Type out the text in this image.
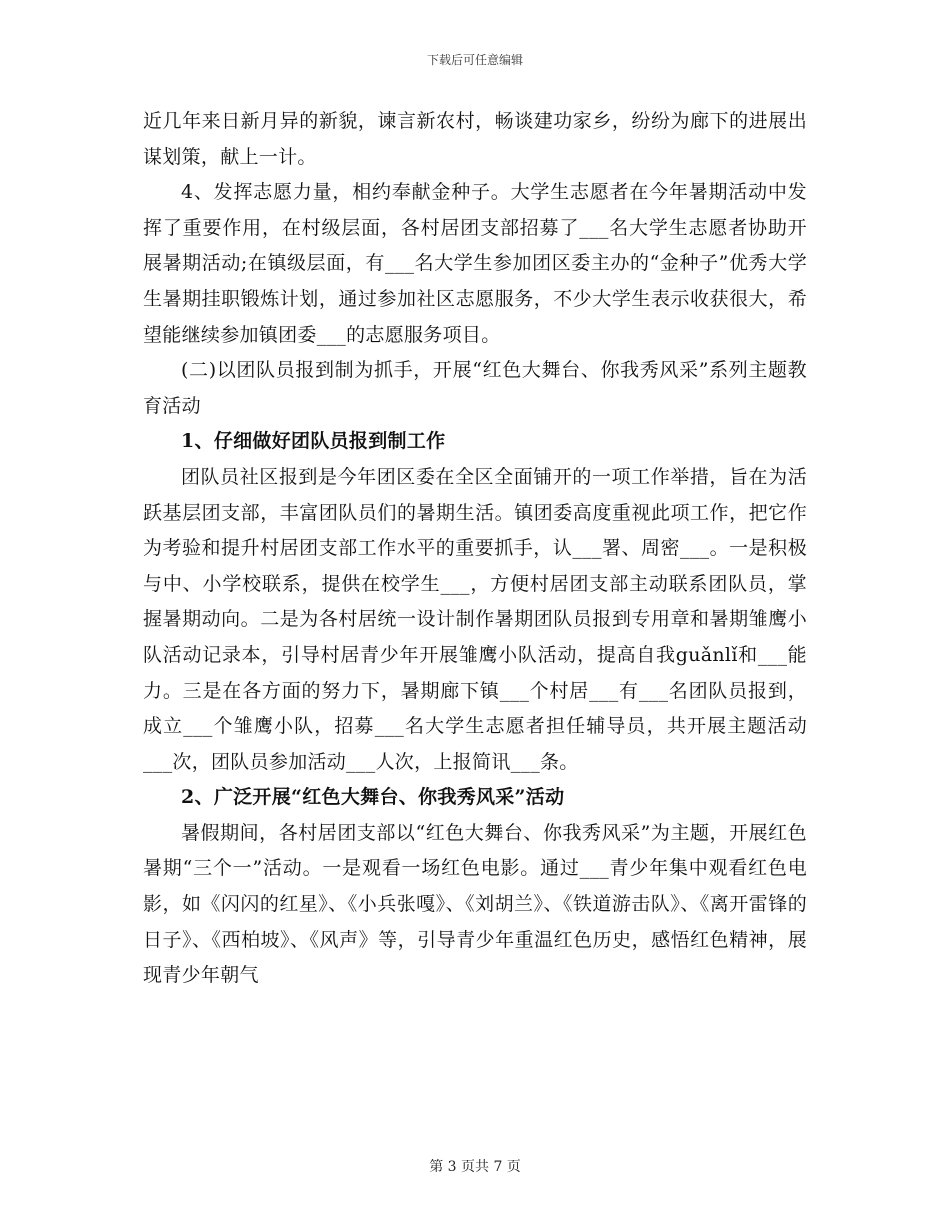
下载后可任意编辑

近几年来日新月异的新貌，谏言新农村，畅谈建功家乡，纷纷为廊下的进展出谋划策，献上一计。

4、发挥志愿力量，相约奉献金种子。大学生志愿者在今年暑期活动中发挥了重要作用，在村级层面，各村居团支部招募了___名大学生志愿者协助开展暑期活动;在镇级层面，有___名大学生参加团区委主办的“金种子”优秀大学生暑期挂职锻炼计划，通过参加社区志愿服务，不少大学生表示收获很大，希望能继续参加镇团委___的志愿服务项目。

(二)以团队员报到制为抓手，开展“红色大舞台、你我秀风采”系列主题教育活动

1、仔细做好团队员报到制工作

团队员社区报到是今年团区委在全区全面铺开的一项工作举措，旨在为活跃基层团支部，丰富团队员们的暑期生活。镇团委高度重视此项工作，把它作为考验和提升村居团支部工作水平的重要抓手，认___署、周密___。一是积极与中、小学校联系，提供在校学生___，方便村居团支部主动联系团队员，掌握暑期动向。二是为各村居统一设计制作暑期团队员报到专用章和暑期雏鹰小队活动记录本，引导村居青少年开展雏鹰小队活动，提高自我guǎnlǐ和___能力。三是在各方面的努力下，暑期廊下镇___个村居___有___名团队员报到，成立___个雏鹰小队，招募___名大学生志愿者担任辅导员，共开展主题活动___次，团队员参加活动___人次，上报简讯___条。

2、广泛开展“红色大舞台、你我秀风采”活动

暑假期间，各村居团支部以“红色大舞台、你我秀风采”为主题，开展红色暑期“三个一”活动。一是观看一场红色电影。通过___青少年集中观看红色电影，如《闪闪的红星》、《小兵张嘎》、《刘胡兰》、《铁道游击队》、《离开雷锋的日子》、《西柏坡》、《风声》等，引导青少年重温红色历史，感悟红色精神，展现青少年朝气

第 3 页共 7 页
